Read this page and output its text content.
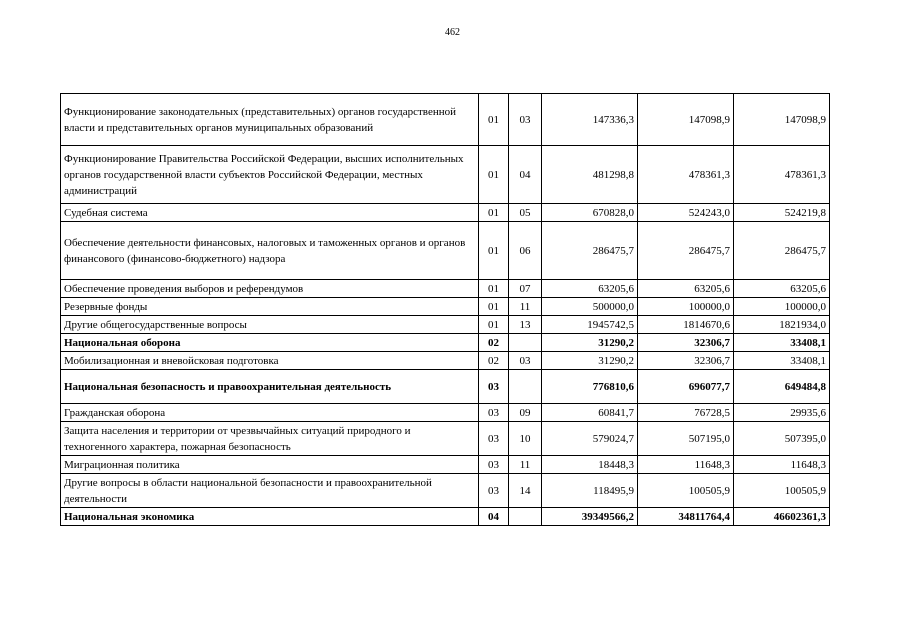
462
Функционирование законодательных (представительных) органов государственной власти и представительных органов муниципальных образований	01	03	147336,3	147098,9	147098,9
Функционирование Правительства Российской Федерации, высших исполнительных органов государственной власти субъектов Российской Федерации, местных администраций	01	04	481298,8	478361,3	478361,3
Судебная система	01	05	670828,0	524243,0	524219,8
Обеспечение деятельности финансовых, налоговых и таможенных органов и органов финансового (финансово-бюджетного) надзора	01	06	286475,7	286475,7	286475,7
Обеспечение проведения выборов и референдумов	01	07	63205,6	63205,6	63205,6
Резервные фонды	01	11	500000,0	100000,0	100000,0
Другие общегосударственные вопросы	01	13	1945742,5	1814670,6	1821934,0
Национальная оборона	02		31290,2	32306,7	33408,1
Мобилизационная и вневойсковая подготовка	02	03	31290,2	32306,7	33408,1
Национальная безопасность и правоохранительная деятельность	03		776810,6	696077,7	649484,8
Гражданская оборона	03	09	60841,7	76728,5	29935,6
Защита населения и территории от чрезвычайных ситуаций природного и техногенного характера, пожарная безопасность	03	10	579024,7	507195,0	507395,0
Миграционная политика	03	11	18448,3	11648,3	11648,3
Другие вопросы в области национальной безопасности и правоохранительной деятельности	03	14	118495,9	100505,9	100505,9
Национальная экономика	04		39349566,2	34811764,4	46602361,3
